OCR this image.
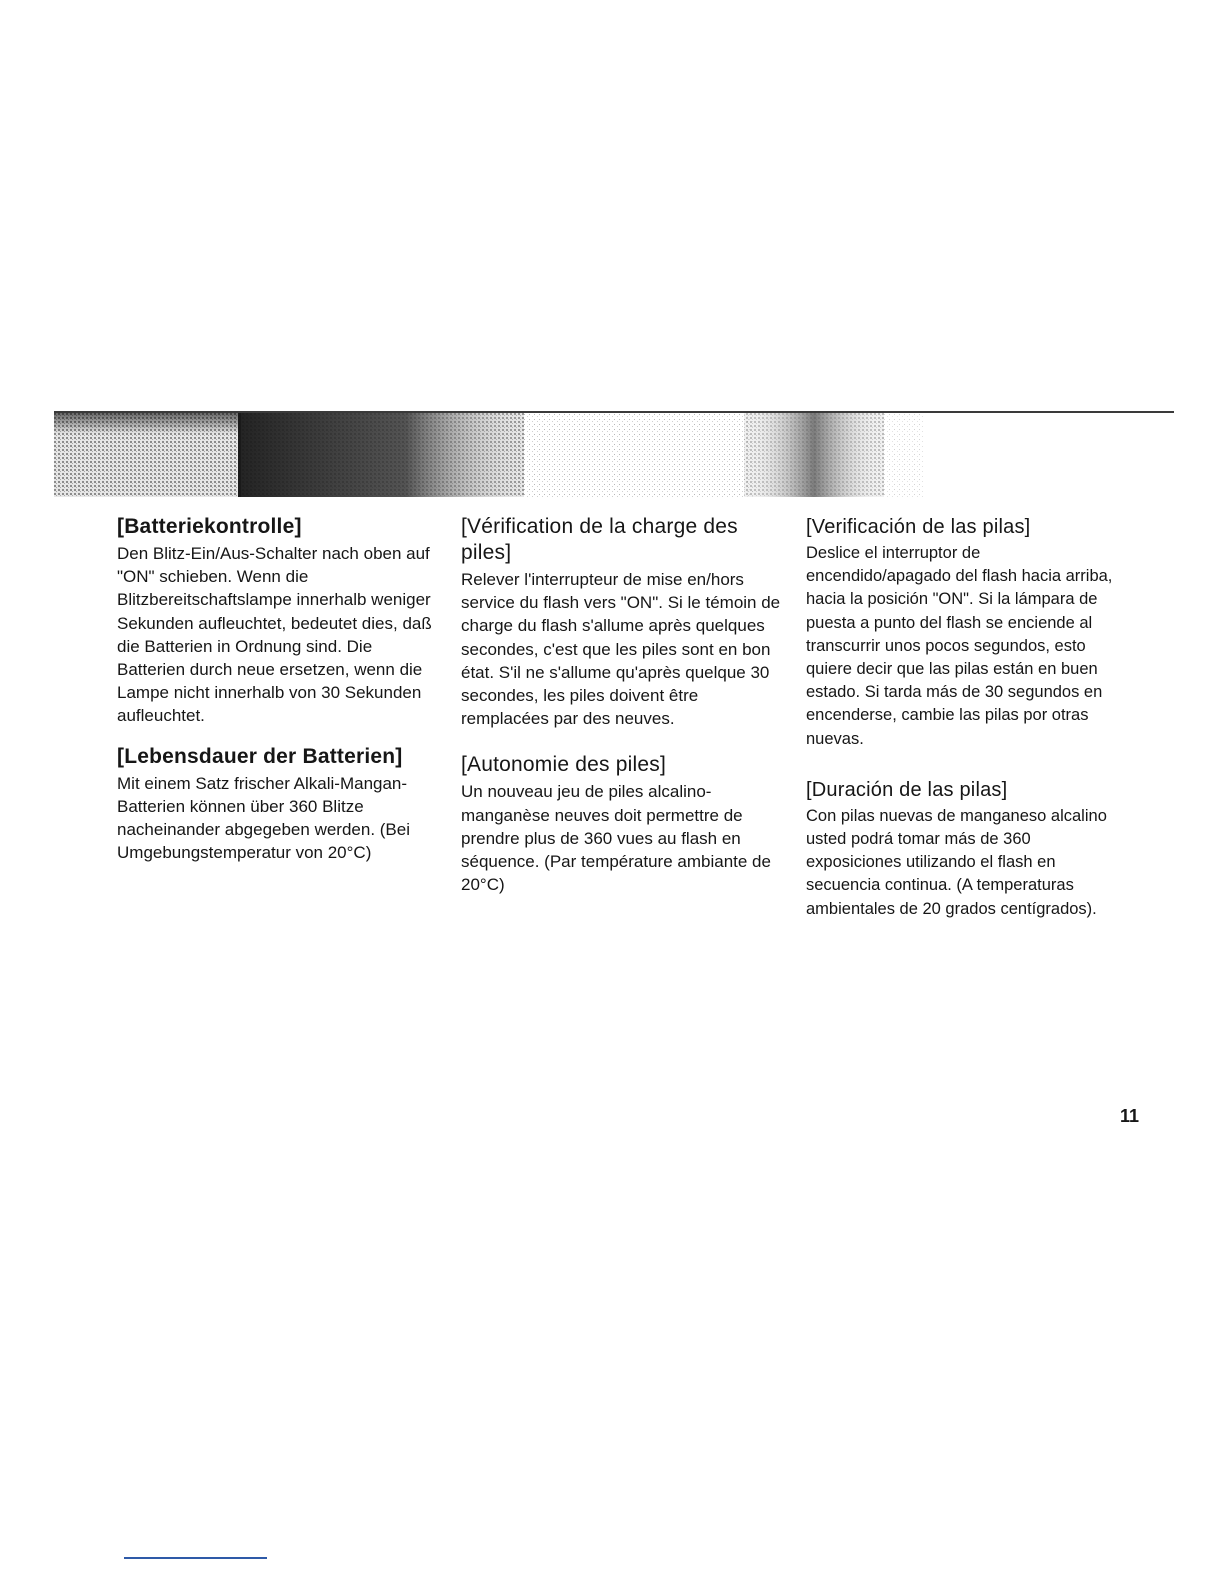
[Batteriekontrolle]

Den Blitz-Ein/Aus-Schalter nach oben auf "ON" schieben. Wenn die Blitzbereitschaftslampe innerhalb weniger Sekunden aufleuchtet, bedeutet dies, daß die Batterien in Ordnung sind. Die Batterien durch neue ersetzen, wenn die Lampe nicht innerhalb von 30 Sekunden aufleuchtet.

[Lebensdauer der Batterien]

Mit einem Satz frischer Alkali-Mangan-Batterien können über 360 Blitze nacheinander abgegeben werden. (Bei Umgebungstemperatur von 20°C)

[Vérification de la charge des piles]

Relever l'interrupteur de mise en/hors service du flash vers "ON". Si le témoin de charge du flash s'allume après quelques secondes, c'est que les piles sont en bon état. S'il ne s'allume qu'après quelque 30 secondes, les piles doivent être remplacées par des neuves.

[Autonomie des piles]

Un nouveau jeu de piles alcalino-manganèse neuves doit permettre de prendre plus de 360 vues au flash en séquence. (Par température ambiante de 20°C)

[Verificación de las pilas]

Deslice el interruptor de encendido/apagado del flash hacia arriba, hacia la posición "ON". Si la lámpara de puesta a punto del flash se enciende al transcurrir unos pocos segundos, esto quiere decir que las pilas están en buen estado. Si tarda más de 30 segundos en encenderse, cambie las pilas por otras nuevas.

[Duración de las pilas]

Con pilas nuevas de manganeso alcalino usted podrá tomar más de 360 exposiciones utilizando el flash en secuencia continua. (A temperaturas ambientales de 20 grados centígrados).

11
